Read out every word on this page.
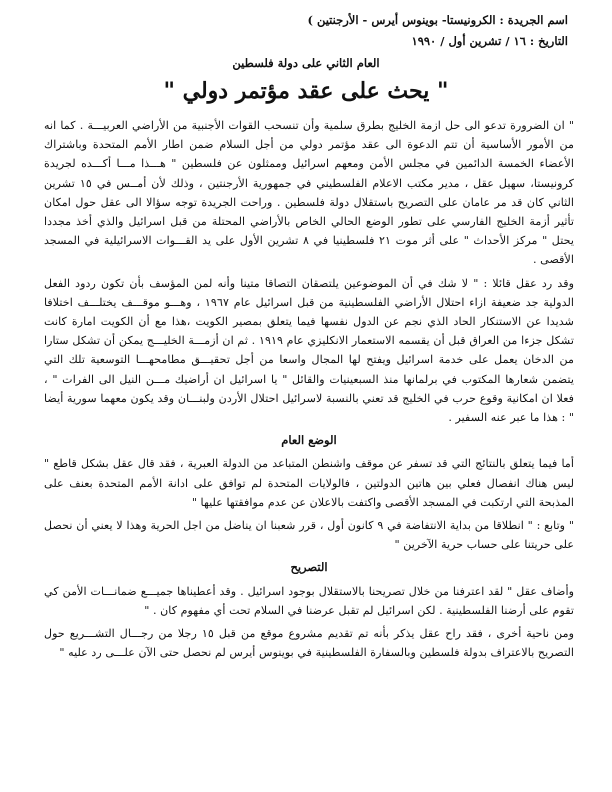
اسم الجريدة : الكرونيستا- بوينوس أيرس - الأرجنتين )
التاريخ : ١٦ / تشرين أول / ١٩٩٠
العام الثاني على دولة فلسطين
" يحث على عقد مؤتمر دولي "

" ان الضرورة تدعو الى حل ازمة الخليج بطرق سلمية وأن تنسحب القوات الأجنبية من الأراضي العربيـــة . كما انه من الأمور الأساسية أن تتم الدعوة الى عقد مؤتمر دولي من أجل السلام ضمن اطار الأمم المتحدة وباشتراك الأعضاء الخمسة الدائمين في مجلس الأمن ومعهم اسرائيل وممثلون عن فلسطين " هـــذا مـــا أكـــده لجريدة كرونيستا، سهيل عقل ، مدير مكتب الاعلام الفلسطيني في جمهورية الأرجنتين ، وذلك لأن أمــس في ١٥ تشرين الثاني كان قد مر عامان على التصريح باستقلال دولة فلسطين . وراحت الجريدة توجه سؤالا الى عقل حول امكان تأثير أزمة الخليج الفارسي على تطور الوضع الحالي الخاص بالأراضي المحتلة من قبل اسرائيل والذي أخذ مجددا يحتل " مركز الأحداث " على أثر موت ٢١ فلسطينيا في ٨ تشرين الأول على يد القـــوات الاسرائيلية في المسجد الأقصى .

وقد رد عقل قائلا : " لا شك في أن الموضوعين يلتصقان التصاقا متينا وأنه لمن المؤسف بأن تكون ردود الفعل الدولية جد ضعيفة ازاء احتلال الأراضي الفلسطينية من قبل اسرائيل عام ١٩٦٧ ، وهـــو موقـــف يختلـــف اختلافا شديدا عن الاستنكار الحاد الذي نجم عن الدول نفسها فيما يتعلق بمصير الكويت ،هذا مع أن الكويت امارة كانت تشكل جزءا من العراق قبل أن يقسمه الاستعمار الانكليزي عام ١٩١٩ . ثم ان أزمـــة الخليـــج يمكن أن تشكل ستارا من الدخان يعمل على خدمة اسرائيل ويفتح لها المجال واسعا من أجل تحقيـــق مطامحهـــا التوسعية تلك التي يتضمن شعارها المكتوب في برلمانها منذ السبعينيات والقائل " يا اسرائيل ان أراضيك مـــن النيل الى الفرات " ، فعلا ان امكانية وقوع حرب في الخليج قد تعني بالنسبة لاسرائيل احتلال الأردن ولبنـــان وقد يكون معهما سورية أيضا " : هذا ما عبر عنه السفير .

الوضع العام

أما فيما يتعلق بالنتائج التي قد تسفر عن موقف واشنطن المتباعد من الدولة العبرية ، فقد قال عقل بشكل قاطع " ليس هناك انفصال فعلي بين هاتين الدولتين ، فالولايات المتحدة لم توافق على ادانة الأمم المتحدة بعنف على المذبحة التي ارتكبت في المسجد الأقصى واكتفت بالاعلان عن عدم موافقتها عليها "

" وتابع : " انطلاقا من بداية الانتفاضة في ٩ كانون أول ، قرر شعبنا ان يناضل من اجل الحرية وهذا لا يعني أن نحصل على حريتنا على حساب حرية الآخرين "

التصريح

وأضاف عقل " لقد اعترفنا من خلال تصريحنا بالاستقلال بوجود اسرائيل . وقد أعطيناها جميـــع ضمانـــات الأمن كي تقوم على أرضنا الفلسطينية . لكن اسرائيل لم تقبل عرضنا في السلام تحت أي مفهوم كان . "

ومن ناحية أخرى ، فقد راح عقل يذكر بأنه تم تقديم مشروع موقع من قبل ١٥ رجلا من رجـــال التشـــريع حول التصريح بالاعتراف بدولة فلسطين وبالسفارة الفلسطينية في بوينوس أيرس لم نحصل حتى الآن علـــى رد عليه "
